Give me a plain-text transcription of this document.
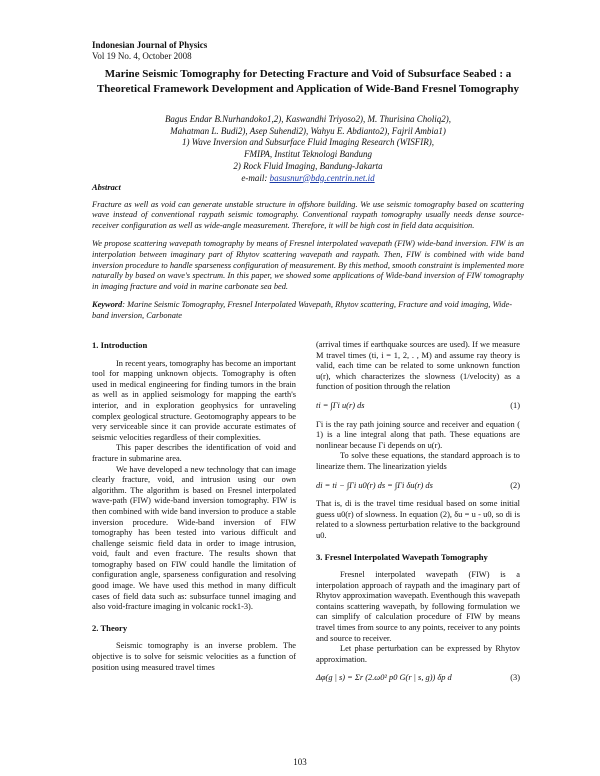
Indonesian Journal of Physics
Vol 19 No. 4, October 2008
Marine Seismic Tomography for Detecting Fracture and Void of Subsurface Seabed : a Theoretical Framework Development and Application of Wide-Band Fresnel Tomography
Bagus Endar B.Nurhandoko1,2), Kaswandhi Triyoso2), M. Thurisina Choliq2),
Mahatman L. Budi2), Asep Suhendi2), Wahyu E. Abdianto2), Fajril Ambia1)
1) Wave Inversion and Subsurface Fluid Imaging Research (WISFIR),
FMIPA, Institut Teknologi Bandung
2) Rock Fluid Imaging, Bandung-Jakarta
e-mail: basusnur@bdg.centrin.net.id
Abstract

Fracture as well as void can generate unstable structure in offshore building. We use seismic tomography based on scattering wave instead of conventional raypath seismic tomography. Conventional raypath tomography usually needs dense source-receiver configuration as well as wide-angle measurement. Therefore, it will be high cost in field data acquisition.

We propose scattering wavepath tomography by means of Fresnel interpolated wavepath (FIW) wide-band inversion. FIW is an interpolation between imaginary part of Rhytov scattering wavepath and raypath. Then, FIW is combined with wide band inversion procedure to handle sparseness configuration of measurement. By this method, smooth constraint is implemented more naturally by based on wave's spectrum. In this paper, we showed some applications of Wide-band inversion of FIW tomography in imaging fracture and void in marine carbonate sea bed.

Keyword: Marine Seismic Tomography, Fresnel Interpolated Wavepath, Rhytov scattering, Fracture and void imaging, Wide-band inversion, Carbonate
1. Introduction

In recent years, tomography has become an important tool for mapping unknown objects. Tomography is often used in medical engineering for finding tumors in the brain as well as in applied seismology for mapping the earth's interior, and in exploration geophysics for unraveling complex geological structure. Geotomography appears to be very serviceable since it can provide accurate estimates of seismic velocities regardless of their complexities.

This paper describes the identification of void and fracture in submarine area.

We have developed a new technology that can image clearly fracture, void, and intrusion using our own algorithm. The algorithm is based on Fresnel interpolated wave-path (FIW) wide-band inversion tomography. FIW is then combined with wide band inversion to produce a stable inversion procedure. Wide-band inversion of FIW tomography has been tested into various difficult and challenge seismic field data in order to image intrusion, void, fault and even fracture. The results shown that tomography based on FIW could handle the limitation of configuration angle, sparseness configuration and resolving good image. We have used this method in many difficult cases of field data such as: subsurface tunnel imaging and also void-fracture imaging in volcanic rock1-3).

2. Theory

Seismic tomography is an inverse problem. The objective is to solve for seismic velocities as a function of position using measured travel times

(arrival times if earthquake sources are used). If we measure M travel times (ti, i = 1, 2, . , M) and assume ray theory is valid, each time can be related to some unknown function u(r), which characterizes the slowness (1/velocity) as a function of position through the relation

ti = ∫Γi u(r) ds	(1)

Γi is the ray path joining source and receiver and equation ( 1) is a line integral along that path. These equations are nonlinear because Γi depends on u(r).

To solve these equations, the standard approach is to linearize them. The linearization yields

di = ti − ∫Γi u0(r) ds = ∫Γi δu(r) ds	(2)

That is, di is the travel time residual based on some initial guess u0(r) of slowness. In equation (2), δu = u - u0, so di is related to a slowness perturbation relative to the background u0.

3. Fresnel Interpolated Wavepath Tomography

Fresnel interpolated wavepath (FIW) is a interpolation approach of raypath and the imaginary part of Rhytov approximation wavepath. Eventhough this wavepath contains scattering wavepath, by following formulation we can simplify of calculation procedure of FIW by means travel times from source to any points, receiver to any points and source to receiver.

Let phase perturbation can be expressed by Rhytov approximation.

Δφ(g | s) = Σr (2.ω0² p0 G(r | s, g)) δp d	(3)
103
